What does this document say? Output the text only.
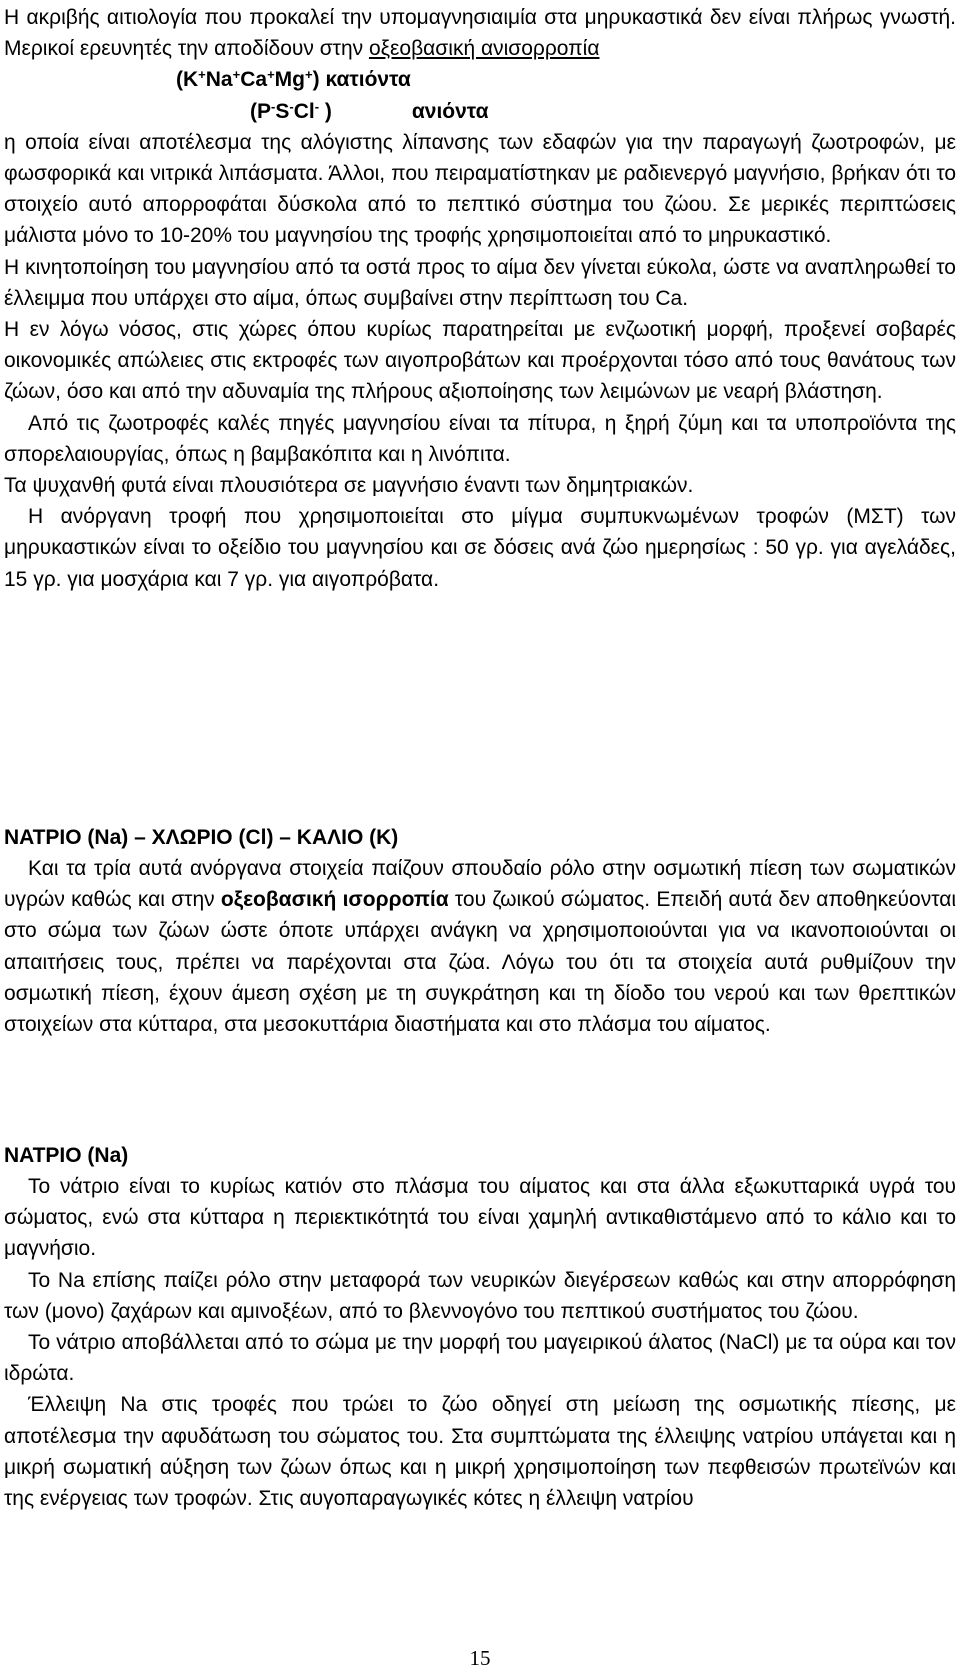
Η ακριβής αιτιολογία που προκαλεί την υπομαγνησιαιμία στα μηρυκαστικά δεν είναι πλήρως γνωστή. Μερικοί ερευνητές την αποδίδουν στην οξεοβασική ανισορροπία

(K+Na+Ca+Mg+) κατιόντα

(P-S-Cl- )	ανιόντα

η οποία είναι αποτέλεσμα της αλόγιστης λίπανσης των εδαφών για την παραγωγή ζωοτροφών, με φωσφορικά και νιτρικά λιπάσματα. Άλλοι, που πειραματίστηκαν με ραδιενεργό μαγνήσιο, βρήκαν ότι το στοιχείο αυτό απορροφάται δύσκολα από το πεπτικό σύστημα του ζώου. Σε μερικές περιπτώσεις μάλιστα μόνο το 10-20% του μαγνησίου της τροφής χρησιμοποιείται από το μηρυκαστικό.

Η κινητοποίηση του μαγνησίου από τα οστά προς το αίμα δεν γίνεται εύκολα, ώστε να αναπληρωθεί το έλλειμμα που υπάρχει στο αίμα, όπως συμβαίνει στην περίπτωση του Ca.

Η εν λόγω νόσος, στις χώρες όπου κυρίως παρατηρείται με ενζωοτική μορφή, προξενεί σοβαρές οικονομικές απώλειες στις εκτροφές των αιγοπροβάτων και προέρχονται τόσο από τους θανάτους των ζώων, όσο και από την αδυναμία της πλήρους αξιοποίησης των λειμώνων με νεαρή βλάστηση.

Από τις ζωοτροφές καλές πηγές μαγνησίου είναι τα πίτυρα, η ξηρή ζύμη και τα υποπροϊόντα της σπορελαιουργίας, όπως η βαμβακόπιτα και η λινόπιτα.

Τα ψυχανθή φυτά είναι πλουσιότερα σε μαγνήσιο έναντι των δημητριακών.

Η ανόργανη τροφή που χρησιμοποιείται στο μίγμα συμπυκνωμένων τροφών (ΜΣΤ) των μηρυκαστικών είναι το οξείδιο του μαγνησίου και σε δόσεις ανά ζώο ημερησίως : 50 γρ. για αγελάδες, 15 γρ. για μοσχάρια και 7 γρ. για αιγοπρόβατα.

ΝΑΤΡΙΟ (Na) – ΧΛΩΡΙΟ (Cl) – ΚΑΛΙΟ (Κ)

Και τα τρία αυτά ανόργανα στοιχεία παίζουν σπουδαίο ρόλο στην οσμωτική πίεση των σωματικών υγρών καθώς και στην οξεοβασική ισορροπία του ζωικού σώματος. Επειδή αυτά δεν αποθηκεύονται στο σώμα των ζώων ώστε όποτε υπάρχει ανάγκη να χρησιμοποιούνται για να ικανοποιούνται οι απαιτήσεις τους, πρέπει να παρέχονται στα ζώα. Λόγω του ότι τα στοιχεία αυτά ρυθμίζουν την οσμωτική πίεση, έχουν άμεση σχέση με τη συγκράτηση και τη δίοδο του νερού και των θρεπτικών στοιχείων στα κύτταρα, στα μεσοκυττάρια διαστήματα και στο πλάσμα του αίματος.

ΝΑΤΡΙΟ (Na)

Το νάτριο είναι το κυρίως κατιόν στο πλάσμα του αίματος και στα άλλα εξωκυτταρικά υγρά του σώματος, ενώ στα κύτταρα η περιεκτικότητά του είναι χαμηλή αντικαθιστάμενο από το κάλιο και το μαγνήσιο.

Το Na επίσης παίζει ρόλο στην μεταφορά των νευρικών διεγέρσεων καθώς και στην απορρόφηση των (μονο) ζαχάρων και αμινοξέων, από το βλεννογόνο του πεπτικού συστήματος του ζώου.

Το νάτριο αποβάλλεται από το σώμα με την μορφή του μαγειρικού άλατος (NaCl) με τα ούρα και τον ιδρώτα.

Έλλειψη Na στις τροφές που τρώει το ζώο οδηγεί στη μείωση της οσμωτικής πίεσης, με αποτέλεσμα την αφυδάτωση του σώματος του. Στα συμπτώματα της έλλειψης νατρίου υπάγεται και η μικρή σωματική αύξηση των ζώων όπως και η μικρή χρησιμοποίηση των πεφθεισών πρωτεϊνών και της ενέργειας των τροφών. Στις αυγοπαραγωγικές κότες η έλλειψη νατρίου

15
